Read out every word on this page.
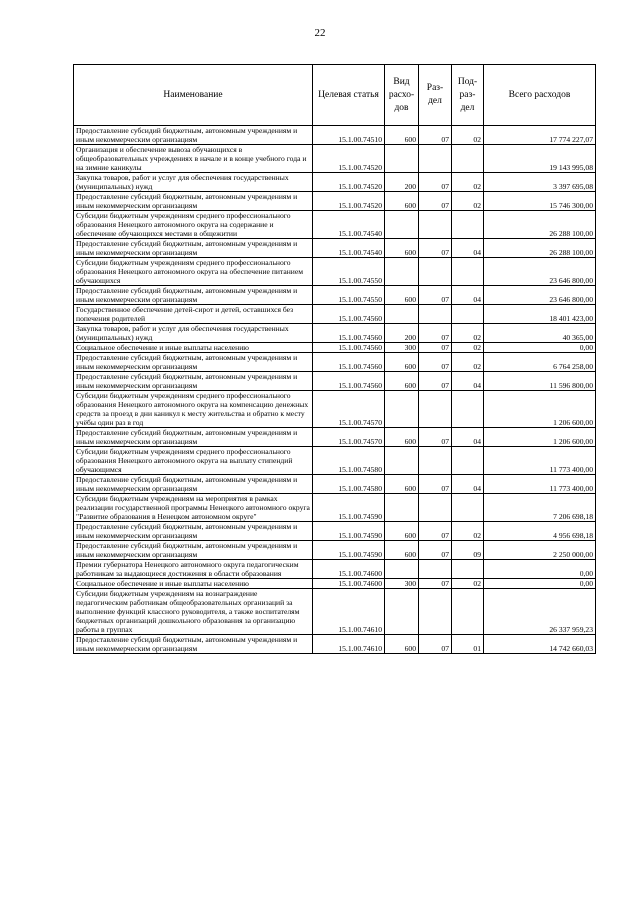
22
Наименование	Целевая статья	Вид расхо-дов	Раз-дел	Под-раз-дел	Всего расходов
Предоставление субсидий бюджетным, автономным учреждениям и иным некоммерческим организациям	15.1.00.74510	600	07	02	17 774 227,07
Организация и обеспечение вывоза обучающихся в общеобразовательных учреждениях в начале и в конце учебного года и на зимние каникулы	15.1.00.74520				19 143 995,08
Закупка товаров, работ и услуг для обеспечения государственных (муниципальных) нужд	15.1.00.74520	200	07	02	3 397 695,08
Предоставление субсидий бюджетным, автономным учреждениям и иным некоммерческим организациям	15.1.00.74520	600	07	02	15 746 300,00
Субсидии бюджетным учреждениям среднего профессионального образования Ненецкого автономного округа на содержание и обеспечение обучающихся местами в общежитии	15.1.00.74540				26 288 100,00
Предоставление субсидий бюджетным, автономным учреждениям и иным некоммерческим организациям	15.1.00.74540	600	07	04	26 288 100,00
Субсидии бюджетным учреждениям среднего профессионального образования Ненецкого автономного округа на обеспечение питанием обучающихся	15.1.00.74550				23 646 800,00
Предоставление субсидий бюджетным, автономным учреждениям и иным некоммерческим организациям	15.1.00.74550	600	07	04	23 646 800,00
Государственное обеспечение детей-сирот и детей, оставшихся без попечения родителей	15.1.00.74560				18 401 423,00
Закупка товаров, работ и услуг для обеспечения государственных (муниципальных) нужд	15.1.00.74560	200	07	02	40 365,00
Социальное обеспечение и иные выплаты населению	15.1.00.74560	300	07	02	0,00
Предоставление субсидий бюджетным, автономным учреждениям и иным некоммерческим организациям	15.1.00.74560	600	07	02	6 764 258,00
Предоставление субсидий бюджетным, автономным учреждениям и иным некоммерческим организациям	15.1.00.74560	600	07	04	11 596 800,00
Субсидии бюджетным учреждениям среднего профессионального образования Ненецкого автономного округа на компенсацию денежных средств за проезд в дни каникул к месту жительства и обратно к месту учёбы один раз в год	15.1.00.74570				1 206 600,00
Предоставление субсидий бюджетным, автономным учреждениям и иным некоммерческим организациям	15.1.00.74570	600	07	04	1 206 600,00
Субсидии бюджетным учреждениям среднего профессионального образования Ненецкого автономного округа на выплату стипендий обучающимся	15.1.00.74580				11 773 400,00
Предоставление субсидий бюджетным, автономным учреждениям и иным некоммерческим организациям	15.1.00.74580	600	07	04	11 773 400,00
Субсидии бюджетным учреждениям на мероприятия в рамках реализации государственной программы Ненецкого автономного округа "Развитие образования в Ненецком автономном округе"	15.1.00.74590				7 206 698,18
Предоставление субсидий бюджетным, автономным учреждениям и иным некоммерческим организациям	15.1.00.74590	600	07	02	4 956 698,18
Предоставление субсидий бюджетным, автономным учреждениям и иным некоммерческим организациям	15.1.00.74590	600	07	09	2 250 000,00
Премии губернатора Ненецкого автономного округа педагогическим работникам за выдающиеся достижения в области образования	15.1.00.74600				0,00
Социальное обеспечение и иные выплаты населению	15.1.00.74600	300	07	02	0,00
Субсидии бюджетным учреждениям на вознаграждение педагогическим работникам общеобразовательных организаций за выполнение функций классного руководителя, а также воспитателям бюджетных организаций дошкольного образования за организацию работы в группах	15.1.00.74610				26 337 959,23
Предоставление субсидий бюджетным, автономным учреждениям и иным некоммерческим организациям	15.1.00.74610	600	07	01	14 742 660,03
